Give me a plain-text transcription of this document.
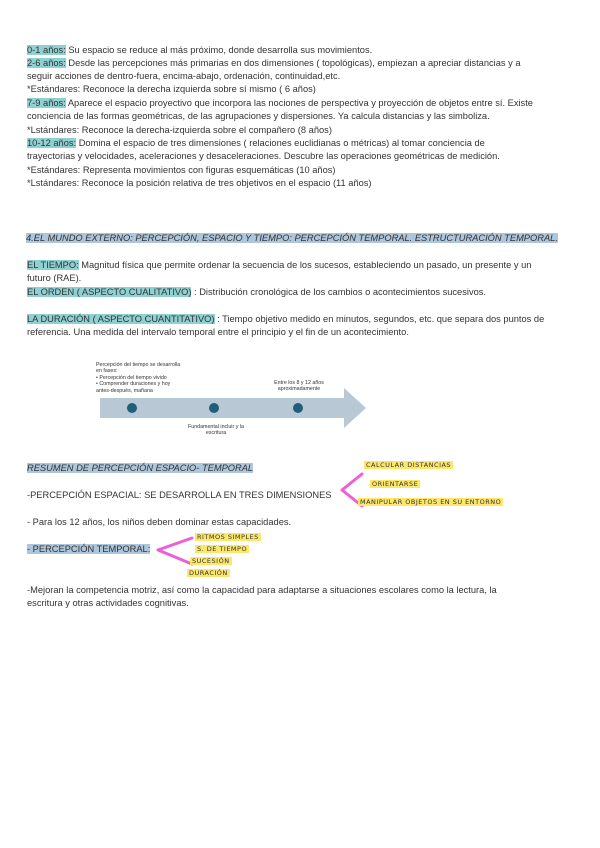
0-1 años: Su espacio se reduce al más próximo, donde desarrolla sus movimientos.
2-6 años: Desde las percepciones más primarias en dos dimensiones ( topológicas), empiezan a apreciar distancias y a
seguir acciones de dentro-fuera, encima-abajo, ordenación, continuidad,etc.
*Estándares: Reconoce la derecha izquierda sobre sí mismo ( 6 años)
7-9 años: Aparece el espacio proyectivo que incorpora las nociones de perspectiva y proyección de objetos entre sí. Existe
conciencia de las formas geométricas, de las agrupaciones y dispersiones. Ya calcula distancias y las simboliza.
*Lstándares: Reconoce la derecha-izquierda sobre el compañero (8 años)
10-12 años: Domina el espacio de tres dimensiones ( relaciones euclidianas o métricas) al tomar conciencia de
trayectorias y velocidades, aceleraciones y desaceleraciones. Descubre las operaciones geométricas de medición.
*Estándares: Representa movimientos con figuras esquemáticas (10 años)
*Lstándares: Reconoce la posición relativa de tres objetivos en el espacio (11 años)
4.EL MUNDO EXTERNO: PERCEPCIÓN, ESPACIO Y TIEMPO: PERCEPCIÓN TEMPORAL. ESTRUCTURACIÓN TEMPORAL.
EL TIEMPO: Magnitud física que permite ordenar la secuencia de los sucesos, estableciendo un pasado, un presente y un
futuro (RAE).
EL ORDEN ( ASPECTO CUALITATIVO) : Distribución cronológica de los cambios o acontecimientos sucesivos.
LA DURACIÓN ( ASPECTO CUANTITATIVO) : Tiempo objetivo medido en minutos, segundos, etc. que separa dos puntos de
referencia. Una medida del intervalo temporal entre el principio y el fin de un acontecimiento.
Percepción del tiempo se desarrolla en fases:
• Percepción del tiempo vivido
• Comprender duraciones y hoy
antes-después, mañana
Entre los 8 y 12 años aproximadamente
Fundamental incluir y la escritura
RESUMEN DE PERCEPCIÓN ESPACIO- TEMPORAL
-PERCEPCIÓN ESPACIAL: SE DESARROLLA EN TRES DIMENSIONES
CALCULAR DISTANCIAS
ORIENTARSE
MANIPULAR OBJETOS EN SU ENTORNO
- Para los 12 años, los niños deben dominar estas capacidades.
- PERCEPCIÓN TEMPORAL:
RITMOS SIMPLES
S. DE TIEMPO
SUCESIÓN
DURACIÓN
-Mejoran la competencia motriz, así como la capacidad para adaptarse a situaciones escolares como la lectura, la
escritura y otras actividades cognitivas.
